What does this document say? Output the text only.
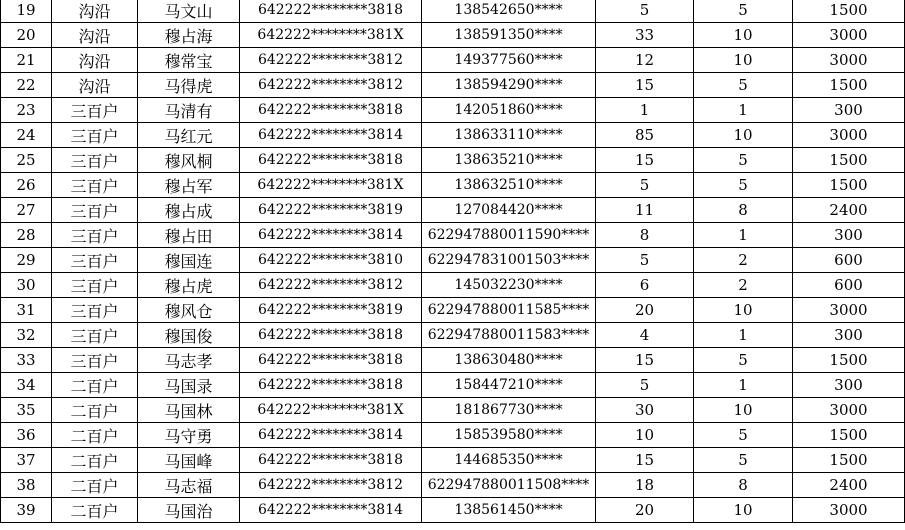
19	沟沿	马文山	642222********3818	138542650****	5	5	1500
20	沟沿	穆占海	642222********381X	138591350****	33	10	3000
21	沟沿	穆常宝	642222********3812	149377560****	12	10	3000
22	沟沿	马得虎	642222********3812	138594290****	15	5	1500
23	三百户	马清有	642222********3818	142051860****	1	1	300
24	三百户	马红元	642222********3814	138633110****	85	10	3000
25	三百户	穆风桐	642222********3818	138635210****	15	5	1500
26	三百户	穆占军	642222********381X	138632510****	5	5	1500
27	三百户	穆占成	642222********3819	127084420****	11	8	2400
28	三百户	穆占田	642222********3814	622947880011590****	8	1	300
29	三百户	穆国连	642222********3810	622947831001503****	5	2	600
30	三百户	穆占虎	642222********3812	145032230****	6	2	600
31	三百户	穆风仓	642222********3819	622947880011585****	20	10	3000
32	三百户	穆国俊	642222********3818	622947880011583****	4	1	300
33	三百户	马志孝	642222********3818	138630480****	15	5	1500
34	二百户	马国录	642222********3818	158447210****	5	1	300
35	二百户	马国林	642222********381X	181867730****	30	10	3000
36	二百户	马守勇	642222********3814	158539580****	10	5	1500
37	二百户	马国峰	642222********3818	144685350****	15	5	1500
38	二百户	马志福	642222********3812	622947880011508****	18	8	2400
39	二百户	马国治	642222********3814	138561450****	20	10	3000
